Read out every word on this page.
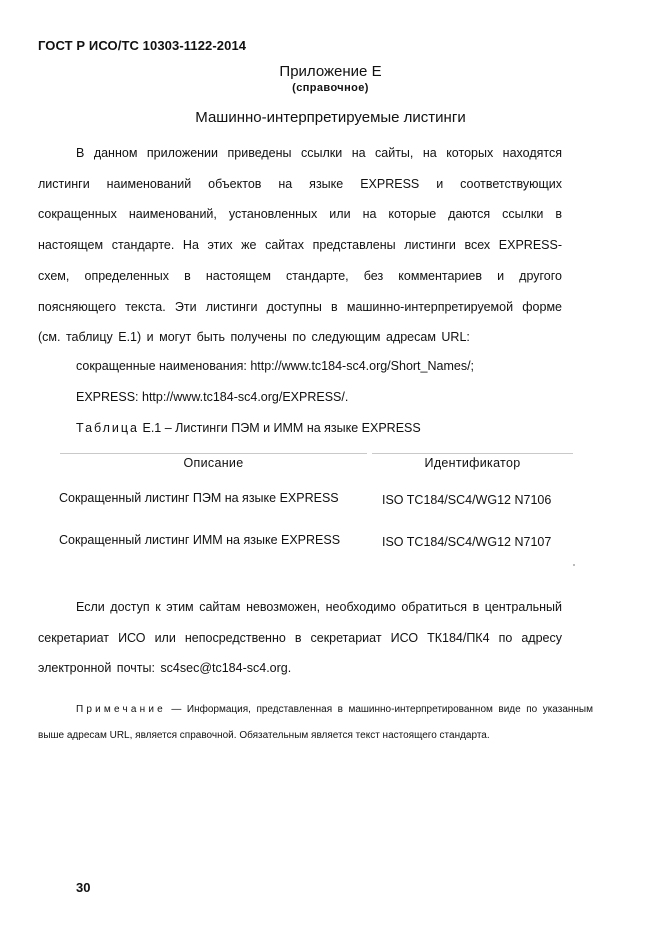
ГОСТ Р ИСО/ТС 10303-1122-2014
Приложение Е
(справочное)
Машинно-интерпретируемые листинги
В данном приложении приведены ссылки на сайты, на которых находятся листинги наименований объектов на языке EXPRESS и соответствующих сокращенных наименований, установленных или на которые даются ссылки в настоящем стандарте. На этих же сайтах представлены листинги всех EXPRESS-схем, определенных в настоящем стандарте, без комментариев и другого поясняющего текста. Эти листинги доступны в машинно-интерпретируемой форме (см. таблицу Е.1) и могут быть получены по следующим адресам URL:
сокращенные наименования: http://www.tc184-sc4.org/Short_Names/;
EXPRESS: http://www.tc184-sc4.org/EXPRESS/.
Таблица Е.1 – Листинги ПЭМ и ИММ на языке EXPRESS
Описание	Идентификатор
Сокращенный листинг ПЭМ на языке EXPRESS	ISO TC184/SC4/WG12 N7106
Сокращенный листинг ИММ на языке EXPRESS	ISO TC184/SC4/WG12 N7107
Если доступ к этим сайтам невозможен, необходимо обратиться в центральный секретариат ИСО или непосредственно в секретариат ИСО ТК184/ПК4 по адресу электронной почты: sc4sec@tc184-sc4.org.
Примечание — Информация, представленная в машинно-интерпретированном виде по указанным выше адресам URL, является справочной. Обязательным является текст настоящего стандарта.
30
